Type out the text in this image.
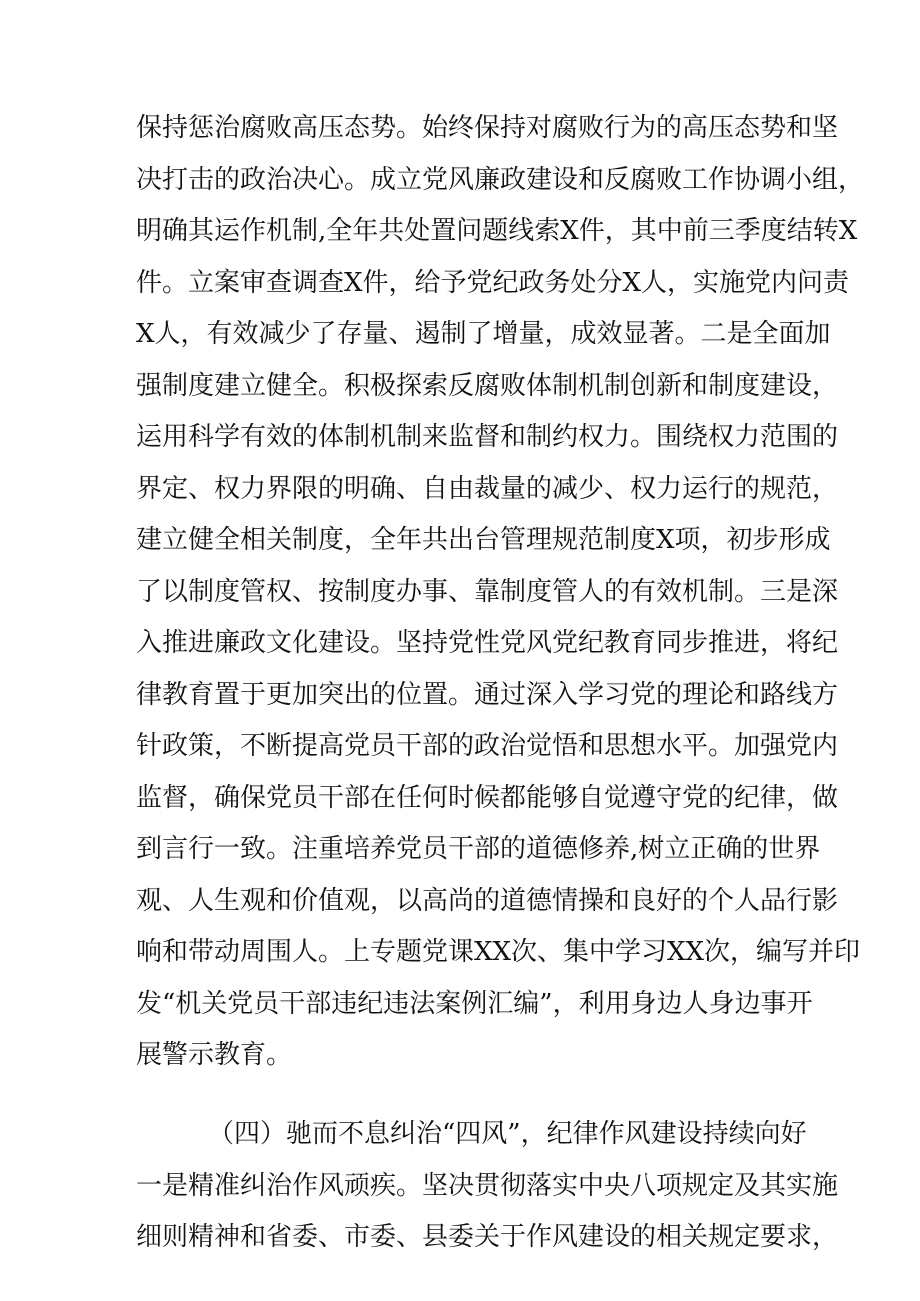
保持惩治腐败高压态势。始终保持对腐败行为的高压态势和坚
决打击的政治决心。成立党风廉政建设和反腐败工作协调小组，
明确其运作机制,全年共处置问题线索X件，其中前三季度结转X
件。立案审查调查X件，给予党纪政务处分X人，实施党内问责
X人，有效减少了存量、遏制了增量，成效显著。二是全面加
强制度建立健全。积极探索反腐败体制机制创新和制度建设，
运用科学有效的体制机制来监督和制约权力。围绕权力范围的
界定、权力界限的明确、自由裁量的减少、权力运行的规范，
建立健全相关制度，全年共出台管理规范制度X项，初步形成
了以制度管权、按制度办事、靠制度管人的有效机制。三是深
入推进廉政文化建设。坚持党性党风党纪教育同步推进，将纪
律教育置于更加突出的位置。通过深入学习党的理论和路线方
针政策，不断提高党员干部的政治觉悟和思想水平。加强党内
监督，确保党员干部在任何时候都能够自觉遵守党的纪律，做
到言行一致。注重培养党员干部的道德修养,树立正确的世界
观、人生观和价值观，以高尚的道德情操和良好的个人品行影
响和带动周围人。上专题党课XX次、集中学习XX次，编写并印
发“机关党员干部违纪违法案例汇编”，利用身边人身边事开
展警示教育。
（四）驰而不息纠治“四风”，纪律作风建设持续向好
一是精准纠治作风顽疾。坚决贯彻落实中央八项规定及其实施
细则精神和省委、市委、县委关于作风建设的相关规定要求，
